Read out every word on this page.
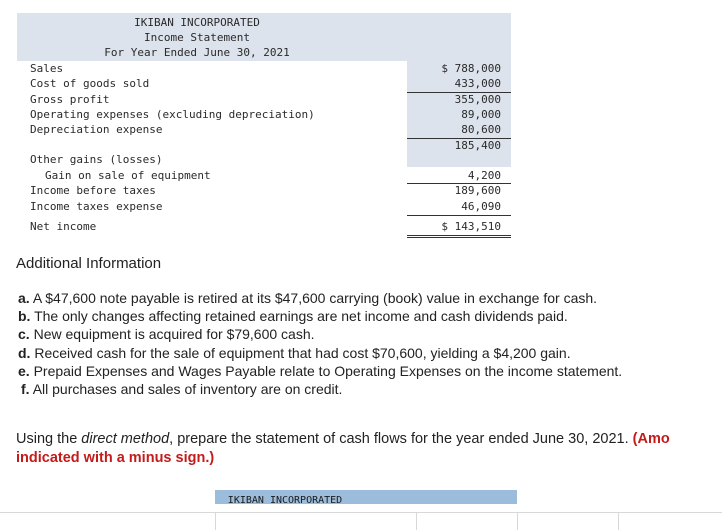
IKIBAN INCORPORATED
Income Statement
For Year Ended June 30, 2021
Sales	$ 788,000
Cost of goods sold	433,000
Gross profit	355,000
Operating expenses (excluding depreciation)	89,000
Depreciation expense	80,600
185,400
Other gains (losses)
Gain on sale of equipment	4,200
Income before taxes	189,600
Income taxes expense	46,090
Net income	$ 143,510
Additional Information
a. A $47,600 note payable is retired at its $47,600 carrying (book) value in exchange for cash.
b. The only changes affecting retained earnings are net income and cash dividends paid.
c. New equipment is acquired for $79,600 cash.
d. Received cash for the sale of equipment that had cost $70,600, yielding a $4,200 gain.
e. Prepaid Expenses and Wages Payable relate to Operating Expenses on the income statement.
f. All purchases and sales of inventory are on credit.
Using the direct method, prepare the statement of cash flows for the year ended June 30, 2021. (Amo
indicated with a minus sign.)
IKIBAN INCORPORATED
